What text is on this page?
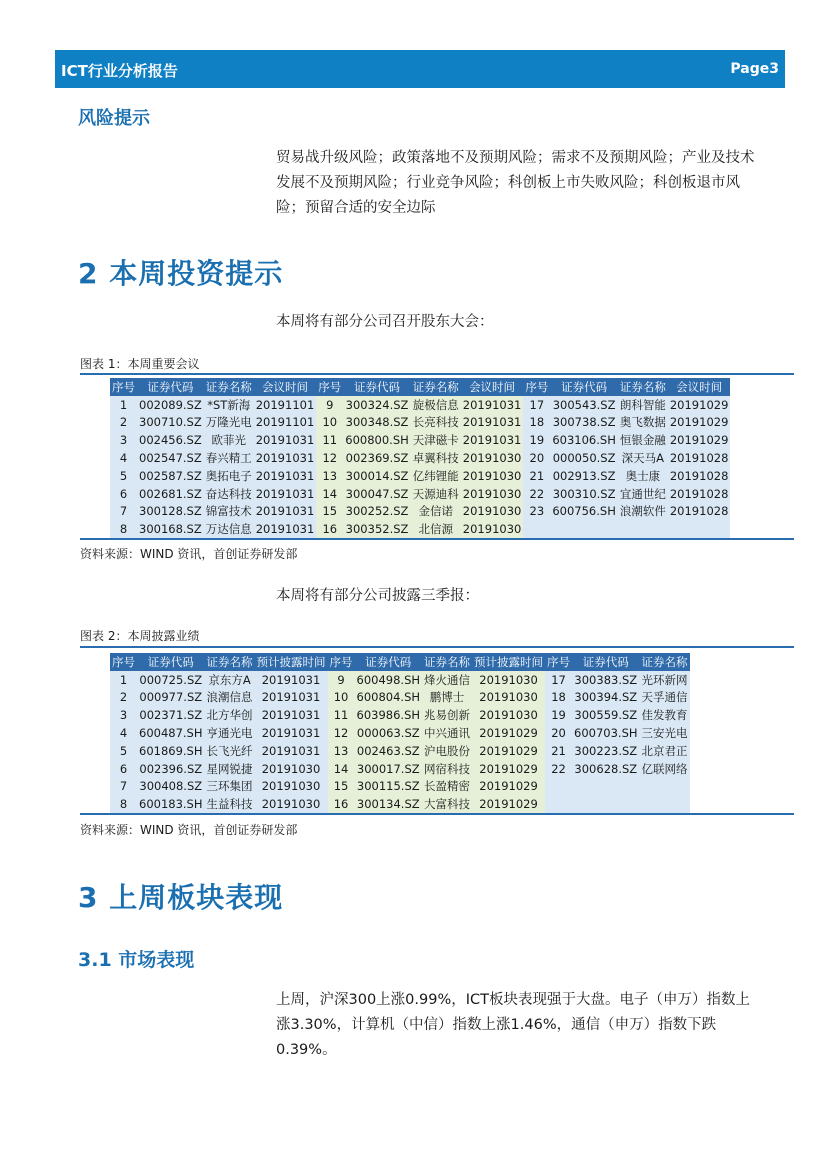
ICT行业分析报告	Page3
风险提示
贸易战升级风险；政策落地不及预期风险；需求不及预期风险；产业及技术发展不及预期风险；行业竞争风险；科创板上市失败风险；科创板退市风险；预留合适的安全边际
2 本周投资提示
本周将有部分公司召开股东大会：
图表 1：本周重要会议
序号	证券代码	证券名称	会议时间	序号	证券代码	证券名称	会议时间	序号	证券代码	证券名称	会议时间
1	002089.SZ	*ST新海	20191101	9	300324.SZ	旋极信息	20191031	17	300543.SZ	朗科智能	20191029
2	300710.SZ	万隆光电	20191101	10	300348.SZ	长亮科技	20191031	18	300738.SZ	奥飞数据	20191029
3	002456.SZ	欧菲光	20191031	11	600800.SH	天津磁卡	20191031	19	603106.SH	恒银金融	20191029
4	002547.SZ	春兴精工	20191031	12	002369.SZ	卓翼科技	20191030	20	000050.SZ	深天马A	20191028
5	002587.SZ	奥拓电子	20191031	13	300014.SZ	亿纬锂能	20191030	21	002913.SZ	奥士康	20191028
6	002681.SZ	奋达科技	20191031	14	300047.SZ	天源迪科	20191030	22	300310.SZ	宜通世纪	20191028
7	300128.SZ	锦富技术	20191031	15	300252.SZ	金信诺	20191030	23	600756.SH	浪潮软件	20191028
8	300168.SZ	万达信息	20191031	16	300352.SZ	北信源	20191030				
资料来源：WIND 资讯，首创证券研发部
本周将有部分公司披露三季报：
图表 2：本周披露业绩
序号	证券代码	证券名称	预计披露时间	序号	证券代码	证券名称	预计披露时间	序号	证券代码	证券名称
1	000725.SZ	京东方A	20191031	9	600498.SH	烽火通信	20191030	17	300383.SZ	光环新网
2	000977.SZ	浪潮信息	20191031	10	600804.SH	鹏博士	20191030	18	300394.SZ	天孚通信
3	002371.SZ	北方华创	20191031	11	603986.SH	兆易创新	20191030	19	300559.SZ	佳发教育
4	600487.SH	亨通光电	20191031	12	000063.SZ	中兴通讯	20191029	20	600703.SH	三安光电
5	601869.SH	长飞光纤	20191031	13	002463.SZ	沪电股份	20191029	21	300223.SZ	北京君正
6	002396.SZ	星网锐捷	20191030	14	300017.SZ	网宿科技	20191029	22	300628.SZ	亿联网络
7	300408.SZ	三环集团	20191030	15	300115.SZ	长盈精密	20191029			
8	600183.SH	生益科技	20191030	16	300134.SZ	大富科技	20191029			
资料来源：WIND 资讯，首创证券研发部
3 上周板块表现
3.1 市场表现
上周，沪深300上涨0.99%，ICT板块表现强于大盘。电子（申万）指数上涨3.30%，计算机（中信）指数上涨1.46%，通信（申万）指数下跌0.39%。
